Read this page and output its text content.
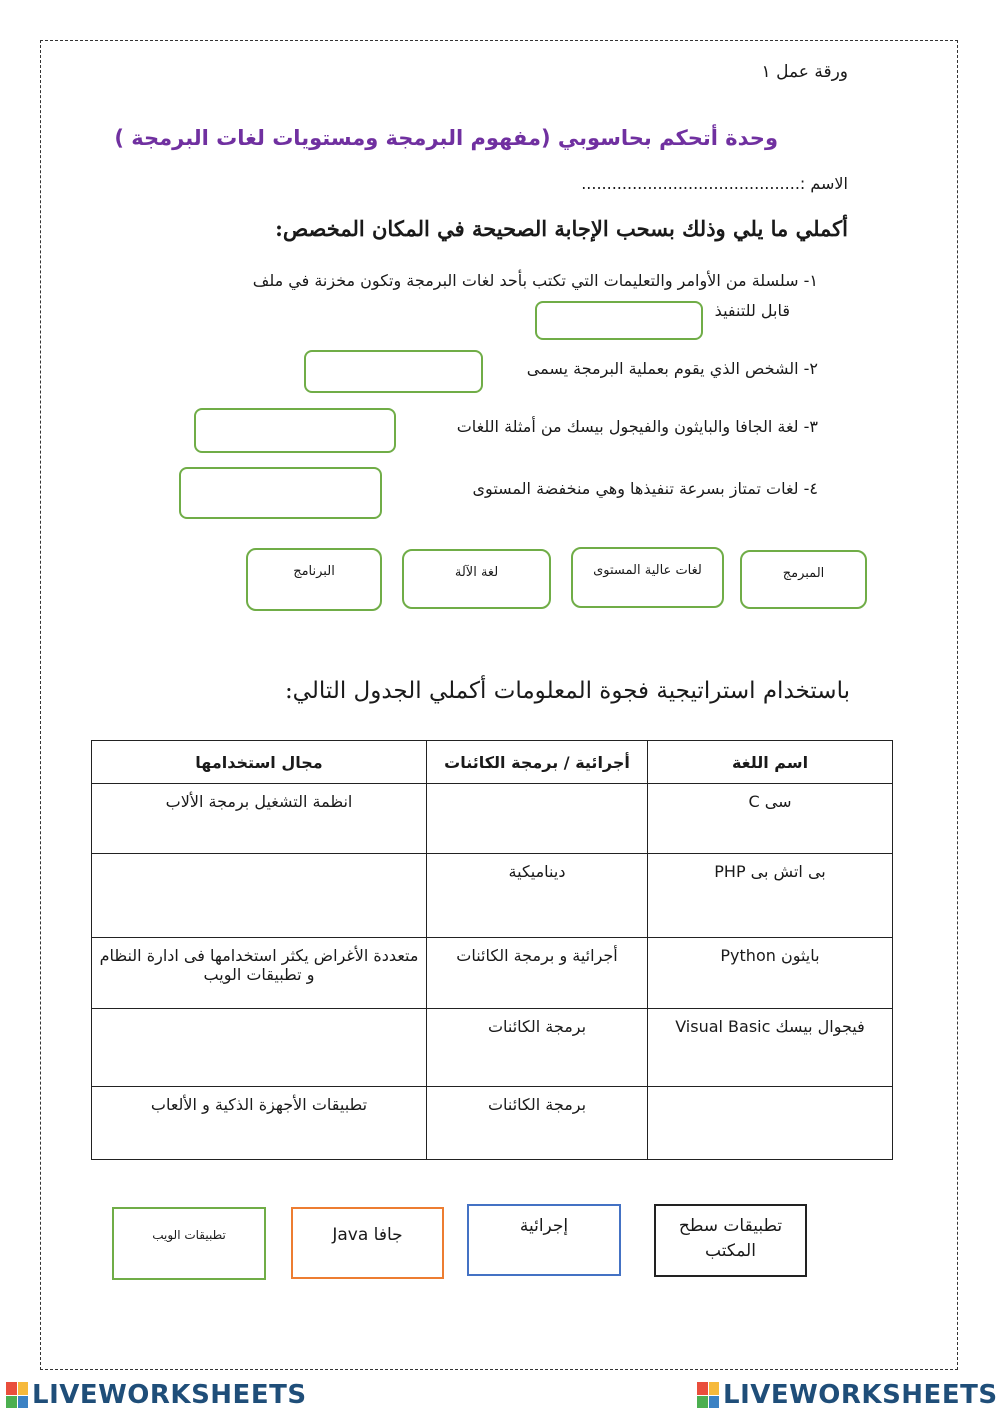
ورقة عمل ١
وحدة أتحكم بحاسوبي (مفهوم البرمجة ومستويات لغات البرمجة )
الاسم :...........................................
أكملي ما يلي وذلك بسحب الإجابة الصحيحة في المكان المخصص:
١- سلسلة من الأوامر والتعليمات التي تكتب بأحد لغات البرمجة وتكون مخزنة في ملف
قابل للتنفيذ
٢- الشخص الذي يقوم بعملية البرمجة يسمى
٣- لغة الجافا والبايثون والفيجول بيسك من أمثلة اللغات
٤- لغات تمتاز بسرعة تنفيذها وهي منخفضة المستوى
المبرمج
لغات عالية المستوى
لغة الآلة
البرنامج
باستخدام استراتيجية فجوة المعلومات أكملي الجدول التالي:
اسم اللغة	أجرائية / برمجة الكائنات	مجال استخدامها
سى C		انظمة التشغيل برمجة الألاب
بى اتش بى PHP	ديناميكية	
بايثون Python	أجرائية و برمجة الكائنات	متعددة الأغراض يكثر استخدامها فى ادارة النظام و تطبيقات الويب
فيجوال بيسك Visual Basic	برمجة الكائنات	
	برمجة الكائنات	تطبيقات الأجهزة الذكية و الألعاب
تطبيقات الويب	جافا Java	إجرائية	تطبيقات سطح المكتب
LIVEWORKSHEETS	LIVEWORKSHEETS
